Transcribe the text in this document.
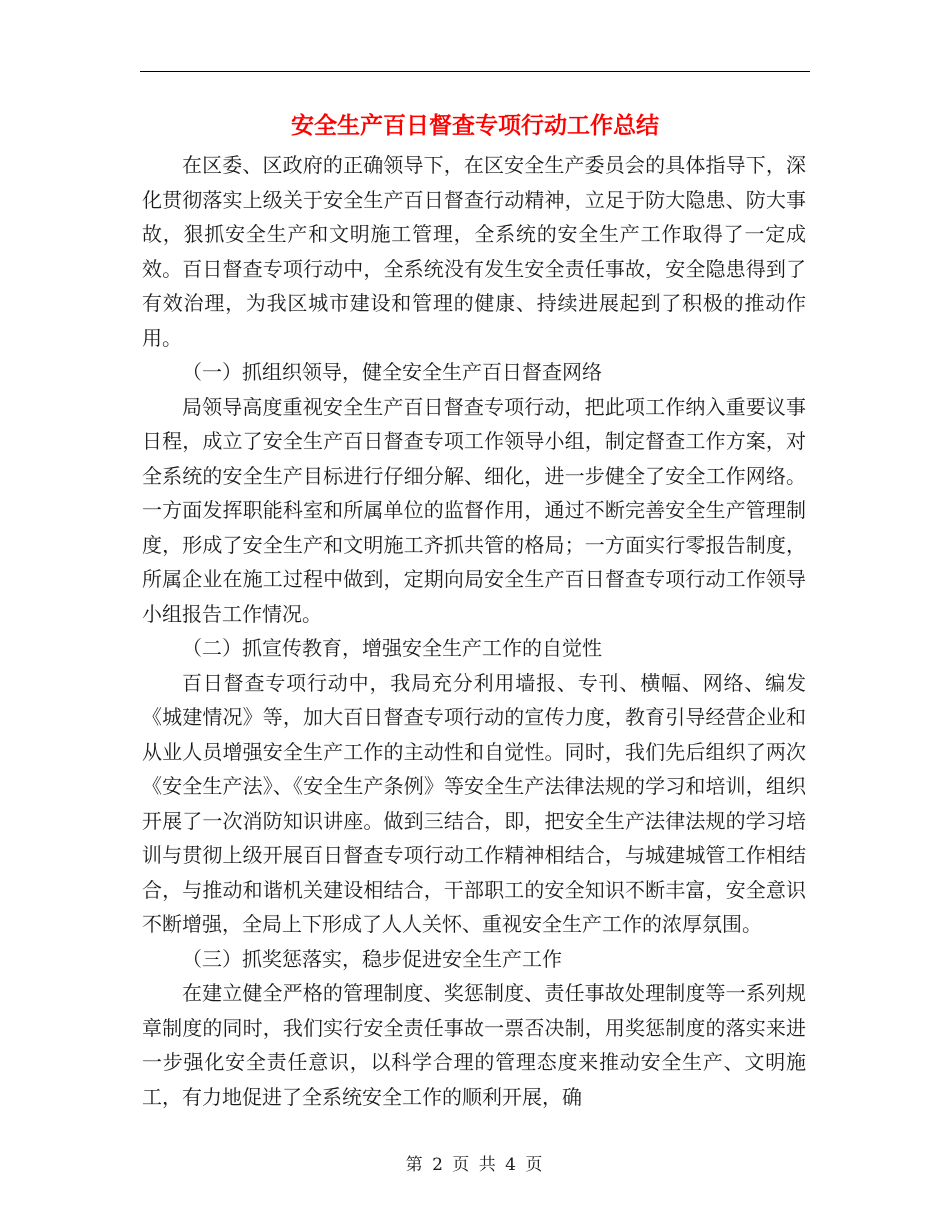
安全生产百日督查专项行动工作总结

在区委、区政府的正确领导下，在区安全生产委员会的具体指导下，深化贯彻落实上级关于安全生产百日督查行动精神，立足于防大隐患、防大事故，狠抓安全生产和文明施工管理，全系统的安全生产工作取得了一定成效。百日督查专项行动中，全系统没有发生安全责任事故，安全隐患得到了有效治理，为我区城市建设和管理的健康、持续进展起到了积极的推动作用。

（一）抓组织领导，健全安全生产百日督查网络

局领导高度重视安全生产百日督查专项行动，把此项工作纳入重要议事日程，成立了安全生产百日督查专项工作领导小组，制定督查工作方案，对全系统的安全生产目标进行仔细分解、细化，进一步健全了安全工作网络。一方面发挥职能科室和所属单位的监督作用，通过不断完善安全生产管理制度，形成了安全生产和文明施工齐抓共管的格局；一方面实行零报告制度，所属企业在施工过程中做到，定期向局安全生产百日督查专项行动工作领导小组报告工作情况。

（二）抓宣传教育，增强安全生产工作的自觉性

百日督查专项行动中，我局充分利用墙报、专刊、横幅、网络、编发《城建情况》等，加大百日督查专项行动的宣传力度，教育引导经营企业和从业人员增强安全生产工作的主动性和自觉性。同时，我们先后组织了两次《安全生产法》、《安全生产条例》等安全生产法律法规的学习和培训，组织开展了一次消防知识讲座。做到三结合，即，把安全生产法律法规的学习培训与贯彻上级开展百日督查专项行动工作精神相结合，与城建城管工作相结合，与推动和谐机关建设相结合，干部职工的安全知识不断丰富，安全意识不断增强，全局上下形成了人人关怀、重视安全生产工作的浓厚氛围。

（三）抓奖惩落实，稳步促进安全生产工作

在建立健全严格的管理制度、奖惩制度、责任事故处理制度等一系列规章制度的同时，我们实行安全责任事故一票否决制，用奖惩制度的落实来进一步强化安全责任意识，以科学合理的管理态度来推动安全生产、文明施工，有力地促进了全系统安全工作的顺利开展，确

第 2 页 共 4 页
